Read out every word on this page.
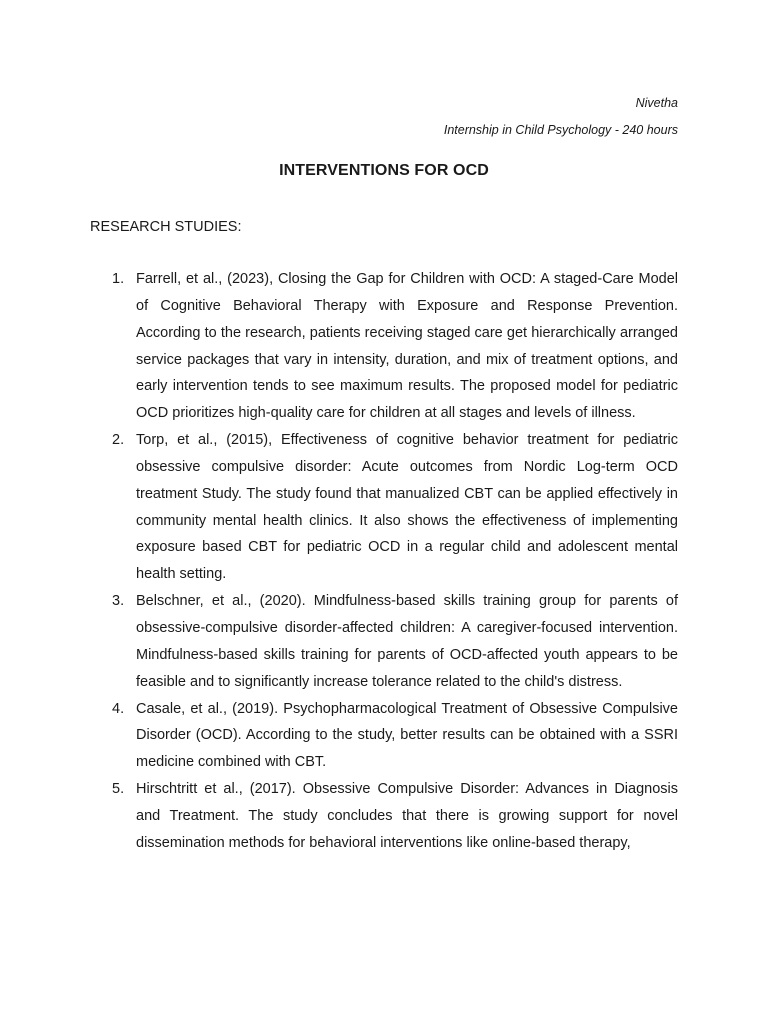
Nivetha
Internship in Child Psychology - 240 hours
INTERVENTIONS FOR OCD
RESEARCH STUDIES:
1. Farrell, et al., (2023), Closing the Gap for Children with OCD: A staged-Care Model of Cognitive Behavioral Therapy with Exposure and Response Prevention. According to the research, patients receiving staged care get hierarchically arranged service packages that vary in intensity, duration, and mix of treatment options, and early intervention tends to see maximum results. The proposed model for pediatric OCD prioritizes high-quality care for children at all stages and levels of illness.
2. Torp, et al., (2015), Effectiveness of cognitive behavior treatment for pediatric obsessive compulsive disorder: Acute outcomes from Nordic Log-term OCD treatment Study. The study found that manualized CBT can be applied effectively in community mental health clinics. It also shows the effectiveness of implementing exposure based CBT for pediatric OCD in a regular child and adolescent mental health setting.
3. Belschner, et al., (2020). Mindfulness-based skills training group for parents of obsessive-compulsive disorder-affected children: A caregiver-focused intervention. Mindfulness-based skills training for parents of OCD-affected youth appears to be feasible and to significantly increase tolerance related to the child's distress.
4. Casale, et al., (2019). Psychopharmacological Treatment of Obsessive Compulsive Disorder (OCD). According to the study, better results can be obtained with a SSRI medicine combined with CBT.
5. Hirschtritt et al., (2017). Obsessive Compulsive Disorder: Advances in Diagnosis and Treatment. The study concludes that there is growing support for novel dissemination methods for behavioral interventions like online-based therapy,
